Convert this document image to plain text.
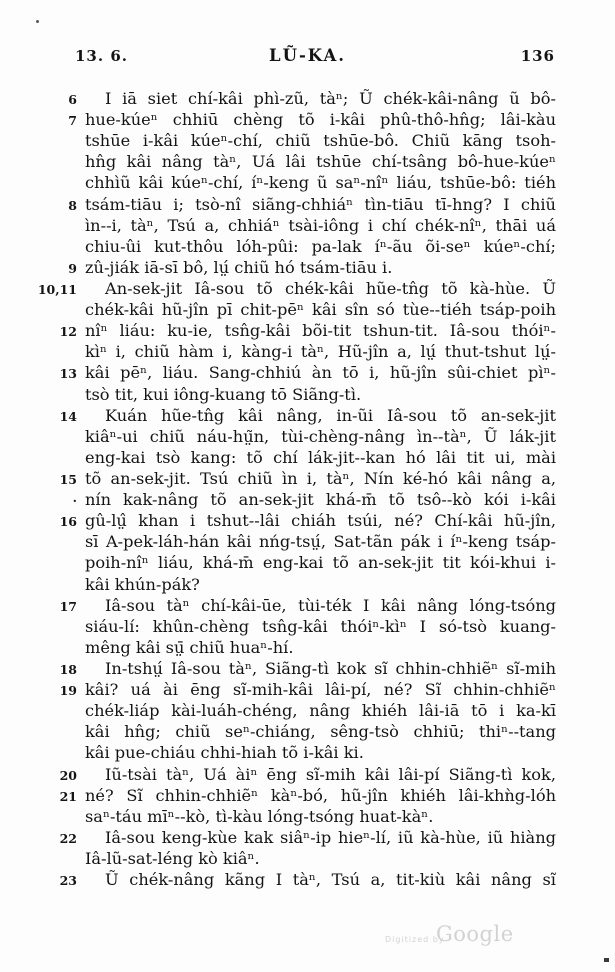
13. 6.	LŨ-KA.	136
6	I iā siet chí-kâi phì-zũ, tàⁿ; Ũ chék-kâi-nâng ũ bô-
7 hue-kúeⁿ chhiū chèng tõ i-kâi phû-thô-hn̂g; lâi-kàu
tshūe i-kâi kúeⁿ-chí, chiũ tshūe-bô. Chiũ kāng tsoh-
hn̂g kâi nâng tàⁿ, Uá lâi tshūe chí-tsâng bô-hue-kúeⁿ
chhìũ kâi kúeⁿ-chí, íⁿ-keng ũ saⁿ-nîⁿ liáu, tshūe-bô: tiéh
8 tsám-tiāu i; tsò-nî siãng-chhiáⁿ tìn-tiāu tī-hng? I chiũ
ìn--i, tàⁿ, Tsú a, chhiáⁿ tsài-iông i chí chék-nîⁿ, thāi uá
chiu-ûi kut-thôu lóh-pûi: pa-lak íⁿ-ãu õi-seⁿ kúeⁿ-chí;
9 zû-jiák iā-sī bô, lṳ́ chiũ hó tsám-tiāu i.
10,11	An-sek-jit Iâ-sou tõ chék-kâi hũe-tn̂g tõ kà-hùe. Ũ
chék-kâi hũ-jîn pī chit-pēⁿ kâi sîn só tùe--tiéh tsáp-poih
12 nîⁿ liáu: ku-ie, tsn̂g-kâi bõi-tit tshun-tit. Iâ-sou thóiⁿ-
kìⁿ i, chiũ hàm i, kàng-i tàⁿ, Hũ-jîn a, lṳ́ thut-tshut lṳ́-
13 kâi pēⁿ, liáu. Sang-chhiú àn tō i, hũ-jîn sûi-chiet pìⁿ-
tsò tit, kui iông-kuang tō Siãng-tì.
14	Kuán hũe-tn̂g kâi nâng, in-ũi Iâ-sou tõ an-sek-jit
kiâⁿ-ui chiũ náu-hṳ̃n, tùi-chèng-nâng ìn--tàⁿ, Ũ lák-jit
eng-kai tsò kang: tõ chí lák-jit--kan hó lâi tit ui, mài
15 tõ an-sek-jit. Tsú chiũ ìn i, tàⁿ, Nín ké-hó kâi nâng a,
· nín kak-nâng tõ an-sek-jit khá-m̄ tõ tsô--kò kói i-kâi
16 gû-lṳ̂ khan i tshut--lâi chiáh tsúi, né? Chí-kâi hũ-jîn,
sī A-pek-láh-hán kâi nńg-tsṳ́, Sat-tãn pák i íⁿ-keng tsáp-
poih-nîⁿ liáu, khá-m̄ eng-kai tõ an-sek-jit tit kói-khui i-
kâi khún-pák?
17	Iâ-sou tàⁿ chí-kâi-ūe, tùi-ték I kâi nâng lóng-tsóng
siáu-lí: khûn-chèng tsn̂g-kâi thóiⁿ-kìⁿ I só-tsò kuang-
mêng kâi sṳ̄ chiũ huaⁿ-hí.
18	In-tshṳ́ Iâ-sou tàⁿ, Siãng-tì kok sĩ chhin-chhiẽⁿ sĩ-mih
19 kâi? uá ài ēng sĩ-mih-kâi lâi-pí, né? Sĩ chhin-chhiẽⁿ
chék-liáp kài-luáh-chéng, nâng khiéh lâi-iā tō i ka-kī
kâi hn̂g; chiũ seⁿ-chiáng, sêng-tsò chhiū; thiⁿ--tang
kâi pue-chiáu chhi-hiah tõ i-kâi ki.
20	Iũ-tsài tàⁿ, Uá àiⁿ ēng sĩ-mih kâi lâi-pí Siãng-tì kok,
21 né? Sĩ chhin-chhiẽⁿ kàⁿ-bó, hũ-jîn khiéh lâi-khǹg-lóh
saⁿ-táu mīⁿ--kò, tì-kàu lóng-tsóng huat-kàⁿ.
22	Iâ-sou keng-kùe kak siâⁿ-ip hieⁿ-lí, iũ kà-hùe, iũ hiàng
Iâ-lũ-sat-léng kò kiâⁿ.
23	Ũ chék-nâng kãng I tàⁿ, Tsú a, tit-kiù kâi nâng sĩ
Digitized by
Google
